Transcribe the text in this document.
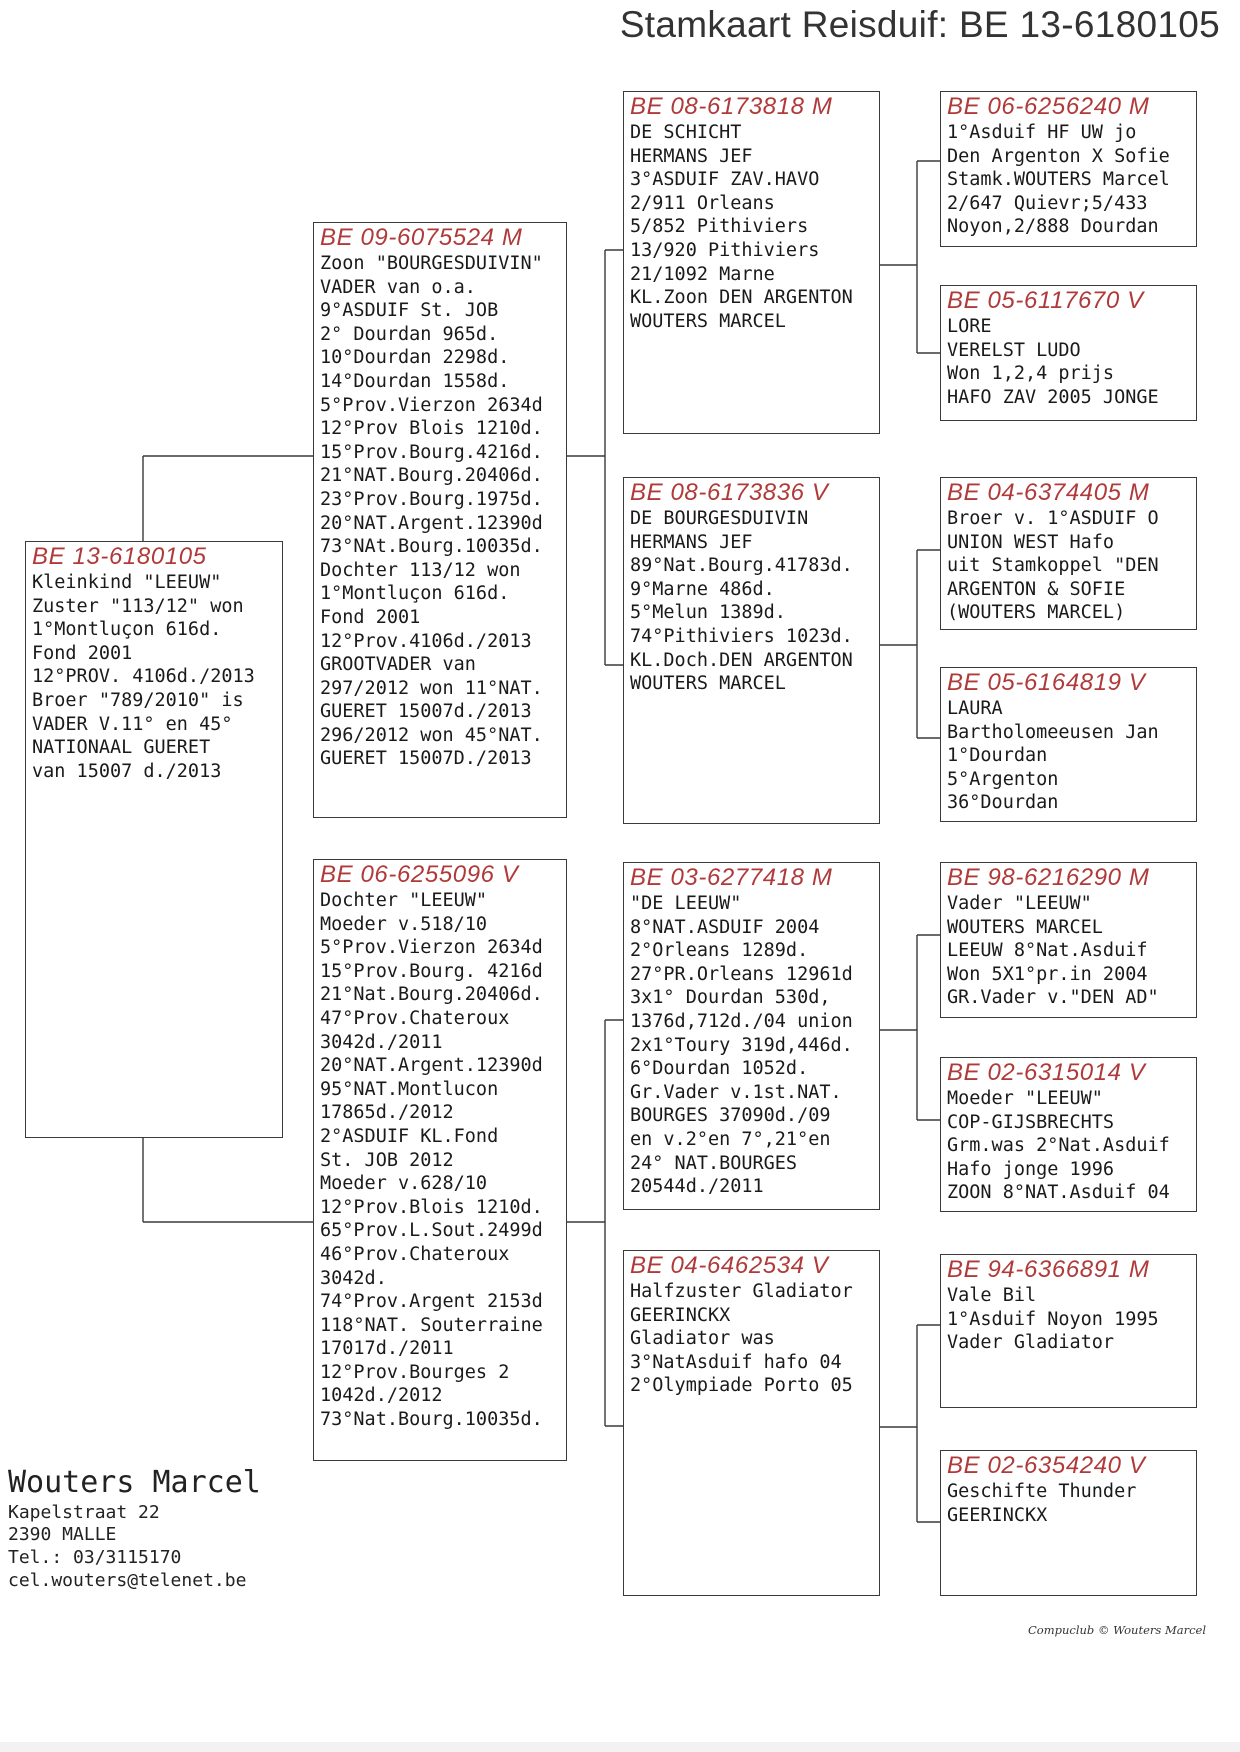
Stamkaart Reisduif: BE 13-6180105
BE 13-6180105
Kleinkind "LEEUW"
Zuster "113/12" won
1°Montluçon 616d.
Fond 2001
12°PROV. 4106d./2013
Broer "789/2010" is
VADER V.11° en 45°
NATIONAAL GUERET
van 15007 d./2013
BE 09-6075524 M
Zoon "BOURGESDUIVIN"
VADER van o.a.
9°ASDUIF St. JOB
2° Dourdan 965d.
10°Dourdan 2298d.
14°Dourdan 1558d.
5°Prov.Vierzon 2634d
12°Prov Blois 1210d.
15°Prov.Bourg.4216d.
21°NAT.Bourg.20406d.
23°Prov.Bourg.1975d.
20°NAT.Argent.12390d
73°NAt.Bourg.10035d.
Dochter 113/12 won
1°Montluçon 616d.
Fond 2001
12°Prov.4106d./2013
GROOTVADER van
297/2012 won 11°NAT.
GUERET 15007d./2013
296/2012 won 45°NAT.
GUERET 15007D./2013
BE 06-6255096 V
Dochter "LEEUW"
Moeder v.518/10
5°Prov.Vierzon 2634d
15°Prov.Bourg. 4216d
21°Nat.Bourg.20406d.
47°Prov.Chateroux
3042d./2011
20°NAT.Argent.12390d
95°NAT.Montlucon
17865d./2012
2°ASDUIF KL.Fond
St. JOB 2012
Moeder v.628/10
12°Prov.Blois 1210d.
65°Prov.L.Sout.2499d
46°Prov.Chateroux
3042d.
74°Prov.Argent 2153d
118°NAT. Souterraine
17017d./2011
12°Prov.Bourges 2
1042d./2012
73°Nat.Bourg.10035d.
BE 08-6173818 M
DE SCHICHT
HERMANS JEF
3°ASDUIF ZAV.HAVO
2/911 Orleans
5/852 Pithiviers
13/920 Pithiviers
21/1092 Marne
KL.Zoon DEN ARGENTON
WOUTERS MARCEL
BE 08-6173836 V
DE BOURGESDUIVIN
HERMANS JEF
89°Nat.Bourg.41783d.
9°Marne 486d.
5°Melun 1389d.
74°Pithiviers 1023d.
KL.Doch.DEN ARGENTON
WOUTERS MARCEL
BE 03-6277418 M
"DE LEEUW"
8°NAT.ASDUIF 2004
2°Orleans 1289d.
27°PR.Orleans 12961d
3x1° Dourdan 530d,
1376d,712d./04 union
2x1°Toury 319d,446d.
6°Dourdan 1052d.
Gr.Vader v.1st.NAT.
BOURGES 37090d./09
en v.2°en 7°,21°en
24° NAT.BOURGES
20544d./2011
BE 04-6462534 V
Halfzuster Gladiator
GEERINCKX
Gladiator was
3°NatAsduif hafo 04
2°Olympiade Porto 05
BE 06-6256240 M
1°Asduif HF UW jo
Den Argenton X Sofie
Stamk.WOUTERS Marcel
2/647 Quievr;5/433
Noyon,2/888 Dourdan
BE 05-6117670 V
LORE
VERELST LUDO
Won 1,2,4 prijs
HAFO ZAV 2005 JONGE
BE 04-6374405 M
Broer v. 1°ASDUIF O
UNION WEST Hafo
uit Stamkoppel "DEN
ARGENTON & SOFIE
(WOUTERS MARCEL)
BE 05-6164819 V
LAURA
Bartholomeeusen Jan
1°Dourdan
5°Argenton
36°Dourdan
BE 98-6216290 M
Vader "LEEUW"
WOUTERS MARCEL
LEEUW 8°Nat.Asduif
Won 5X1°pr.in 2004
GR.Vader v."DEN AD"
BE 02-6315014 V
Moeder "LEEUW"
COP-GIJSBRECHTS
Grm.was 2°Nat.Asduif
Hafo jonge 1996
ZOON 8°NAT.Asduif 04
BE 94-6366891 M
Vale Bil
1°Asduif Noyon 1995
Vader Gladiator
BE 02-6354240 V
Geschifte Thunder
GEERINCKX
Wouters Marcel
Kapelstraat 22
2390 MALLE
Tel.: 03/3115170
cel.wouters@telenet.be
Compuclub © Wouters Marcel
